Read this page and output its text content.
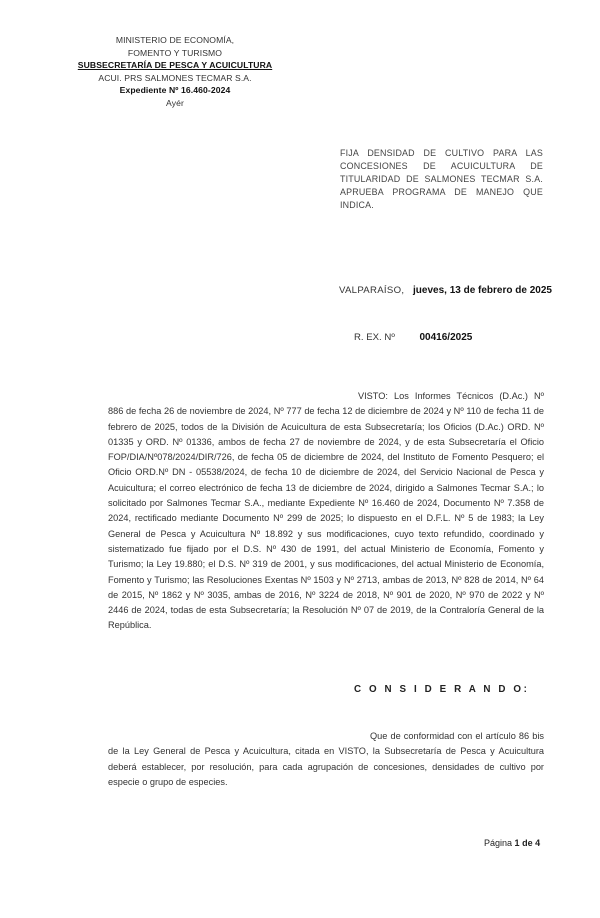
MINISTERIO DE ECONOMÍA,
FOMENTO Y TURISMO
SUBSECRETARÍA DE PESCA Y ACUICULTURA
ACUI. PRS SALMONES TECMAR S.A.
Expediente Nº 16.460-2024
Ayér
FIJA DENSIDAD DE CULTIVO PARA LAS CONCESIONES DE ACUICULTURA DE TITULARIDAD DE SALMONES TECMAR S.A. APRUEBA PROGRAMA DE MANEJO QUE INDICA.
VALPARAÍSO, jueves, 13 de febrero de 2025
R. EX. Nº 00416/2025
VISTO: Los Informes Técnicos (D.Ac.) Nº 886 de fecha 26 de noviembre de 2024, Nº 777 de fecha 12 de diciembre de 2024 y Nº 110 de fecha 11 de febrero de 2025, todos de la División de Acuicultura de esta Subsecretaría; los Oficios (D.Ac.) ORD. Nº 01335 y ORD. Nº 01336, ambos de fecha 27 de noviembre de 2024, y de esta Subsecretaría el Oficio FOP/DIA/Nº078/2024/DIR/726, de fecha 05 de diciembre de 2024, del Instituto de Fomento Pesquero; el Oficio ORD.Nº DN - 05538/2024, de fecha 10 de diciembre de 2024, del Servicio Nacional de Pesca y Acuicultura; el correo electrónico de fecha 13 de diciembre de 2024, dirigido a Salmones Tecmar S.A.; lo solicitado por Salmones Tecmar S.A., mediante Expediente Nº 16.460 de 2024, Documento Nº 7.358 de 2024, rectificado mediante Documento Nº 299 de 2025; lo dispuesto en el D.F.L. Nº 5 de 1983; la Ley General de Pesca y Acuicultura Nº 18.892 y sus modificaciones, cuyo texto refundido, coordinado y sistematizado fue fijado por el D.S. Nº 430 de 1991, del actual Ministerio de Economía, Fomento y Turismo; la Ley 19.880; el D.S. Nº 319 de 2001, y sus modificaciones, del actual Ministerio de Economía, Fomento y Turismo; las Resoluciones Exentas Nº 1503 y Nº 2713, ambas de 2013, Nº 828 de 2014, Nº 64 de 2015, Nº 1862 y Nº 3035, ambas de 2016, Nº 3224 de 2018, Nº 901 de 2020, Nº 970 de 2022 y Nº 2446 de 2024, todas de esta Subsecretaría; la Resolución Nº 07 de 2019, de la Contraloría General de la República.
C O N S I D E R A N D O:
Que de conformidad con el artículo 86 bis de la Ley General de Pesca y Acuicultura, citada en VISTO, la Subsecretaría de Pesca y Acuicultura deberá establecer, por resolución, para cada agrupación de concesiones, densidades de cultivo por especie o grupo de especies.
Página 1 de 4
